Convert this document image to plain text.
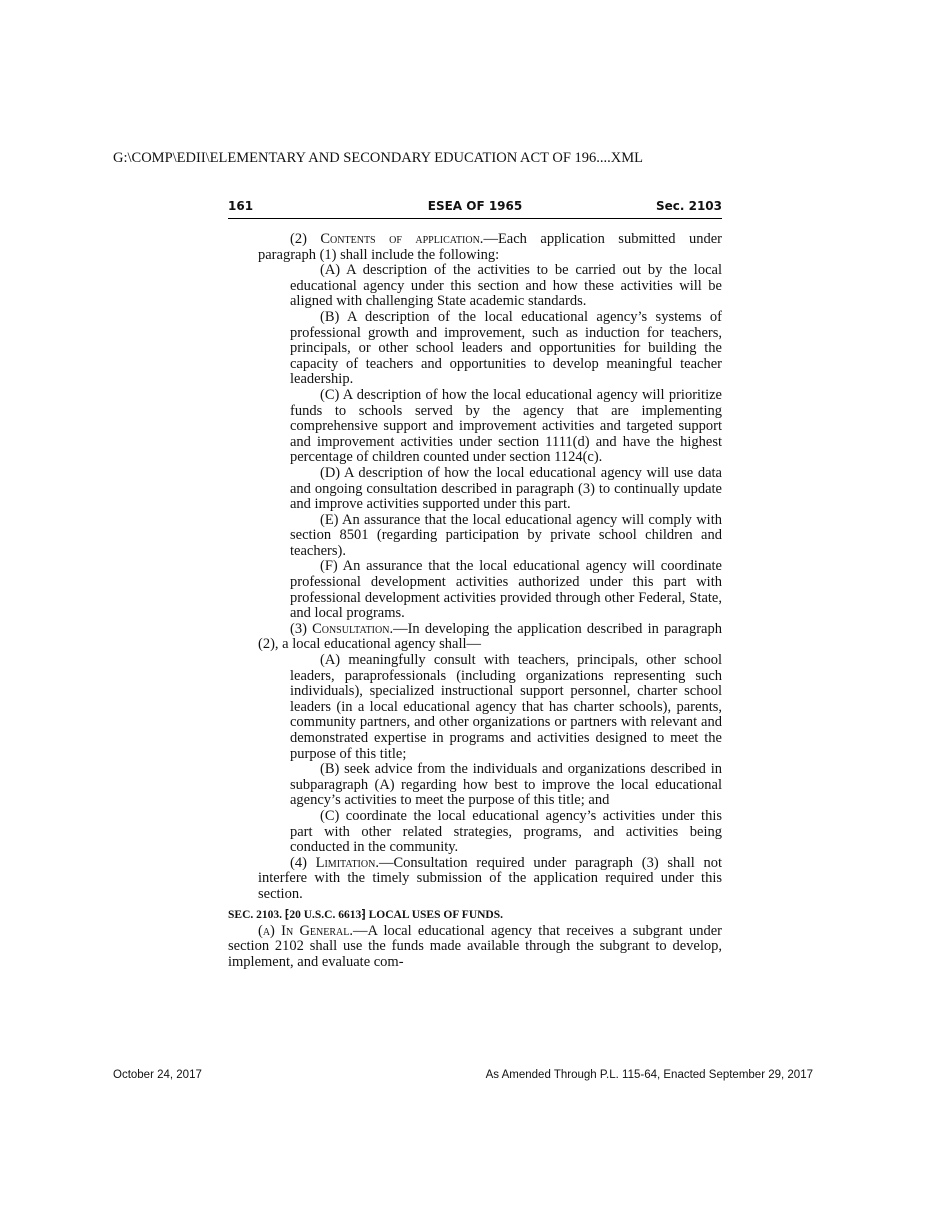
G:\COMP\EDII\ELEMENTARY AND SECONDARY EDUCATION ACT OF 196....XML
161	ESEA OF 1965	Sec. 2103

(2) Contents of application.—Each application submitted under paragraph (1) shall include the following:

(A) A description of the activities to be carried out by the local educational agency under this section and how these activities will be aligned with challenging State academic standards.

(B) A description of the local educational agency’s systems of professional growth and improvement, such as induction for teachers, principals, or other school leaders and opportunities for building the capacity of teachers and opportunities to develop meaningful teacher leadership.

(C) A description of how the local educational agency will prioritize funds to schools served by the agency that are implementing comprehensive support and improvement activities and targeted support and improvement activities under section 1111(d) and have the highest percentage of children counted under section 1124(c).

(D) A description of how the local educational agency will use data and ongoing consultation described in paragraph (3) to continually update and improve activities supported under this part.

(E) An assurance that the local educational agency will comply with section 8501 (regarding participation by private school children and teachers).

(F) An assurance that the local educational agency will coordinate professional development activities authorized under this part with professional development activities provided through other Federal, State, and local programs.

(3) Consultation.—In developing the application described in paragraph (2), a local educational agency shall—

(A) meaningfully consult with teachers, principals, other school leaders, paraprofessionals (including organizations representing such individuals), specialized instructional support personnel, charter school leaders (in a local educational agency that has charter schools), parents, community partners, and other organizations or partners with relevant and demonstrated expertise in programs and activities designed to meet the purpose of this title;

(B) seek advice from the individuals and organizations described in subparagraph (A) regarding how best to improve the local educational agency’s activities to meet the purpose of this title; and

(C) coordinate the local educational agency’s activities under this part with other related strategies, programs, and activities being conducted in the community.

(4) Limitation.—Consultation required under paragraph (3) shall not interfere with the timely submission of the application required under this section.

SEC. 2103. ⁅20 U.S.C. 6613⁆ LOCAL USES OF FUNDS.

(a) In General.—A local educational agency that receives a subgrant under section 2102 shall use the funds made available through the subgrant to develop, implement, and evaluate com-

October 24, 2017	As Amended Through P.L. 115-64, Enacted September 29, 2017
